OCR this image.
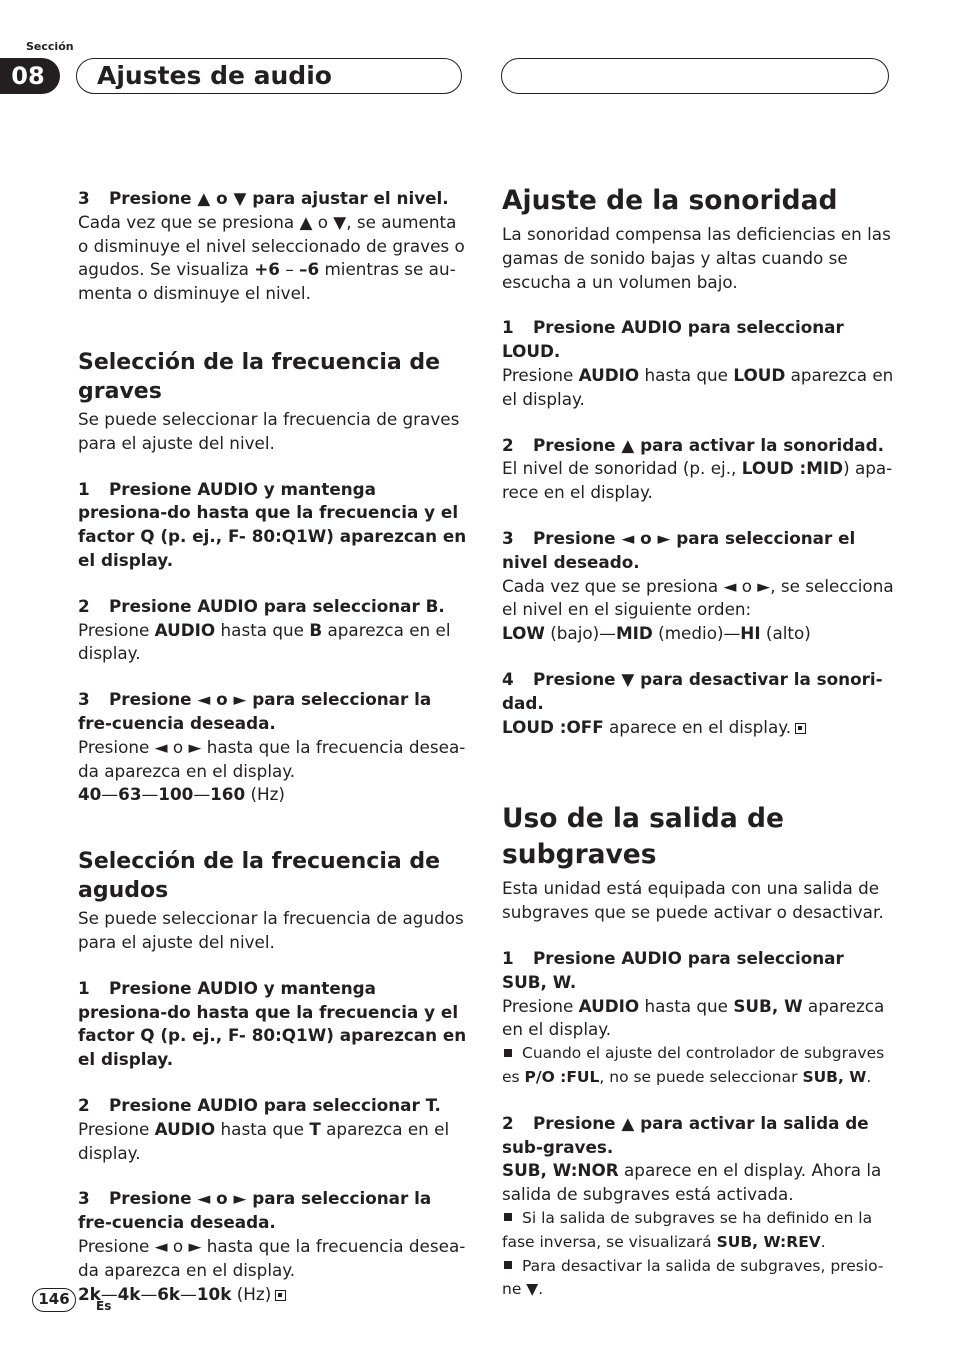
Sección
08	Ajustes de audio

3 Presione ▲ o ▼ para ajustar el nivel.

Cada vez que se presiona ▲ o ▼, se aumenta o disminuye el nivel seleccionado de graves o agudos. Se visualiza +6 – –6 mientras se au-menta o disminuye el nivel.

Selección de la frecuencia de graves

Se puede seleccionar la frecuencia de graves para el ajuste del nivel.

1 Presione AUDIO y mantenga presiona-do hasta que la frecuencia y el factor Q (p. ej., F- 80:Q1W) aparezcan en el display.

2 Presione AUDIO para seleccionar B.

Presione AUDIO hasta que B aparezca en el display.

3 Presione ◄ o ► para seleccionar la fre-cuencia deseada.

Presione ◄ o ► hasta que la frecuencia desea-da aparezca en el display.

40—63—100—160 (Hz)

Selección de la frecuencia de agudos

Se puede seleccionar la frecuencia de agudos para el ajuste del nivel.

1 Presione AUDIO y mantenga presiona-do hasta que la frecuencia y el factor Q (p. ej., F- 80:Q1W) aparezcan en el display.

2 Presione AUDIO para seleccionar T.

Presione AUDIO hasta que T aparezca en el display.

3 Presione ◄ o ► para seleccionar la fre-cuencia deseada.

Presione ◄ o ► hasta que la frecuencia desea-da aparezca en el display.

2k—4k—6k—10k (Hz)

Ajuste de la sonoridad

La sonoridad compensa las deficiencias en las gamas de sonido bajas y altas cuando se escucha a un volumen bajo.

1 Presione AUDIO para seleccionar LOUD.

Presione AUDIO hasta que LOUD aparezca en el display.

2 Presione ▲ para activar la sonoridad.

El nivel de sonoridad (p. ej., LOUD :MID) apa-rece en el display.

3 Presione ◄ o ► para seleccionar el nivel deseado.

Cada vez que se presiona ◄ o ►, se selecciona el nivel en el siguiente orden:

LOW (bajo)—MID (medio)—HI (alto)

4 Presione ▼ para desactivar la sonori-dad.

LOUD :OFF aparece en el display.

Uso de la salida de subgraves

Esta unidad está equipada con una salida de subgraves que se puede activar o desactivar.

1 Presione AUDIO para seleccionar SUB, W.

Presione AUDIO hasta que SUB, W aparezca en el display.

Cuando el ajuste del controlador de subgraves es P/O :FUL, no se puede seleccionar SUB, W.

2 Presione ▲ para activar la salida de sub-graves.

SUB, W:NOR aparece en el display. Ahora la salida de subgraves está activada.

Si la salida de subgraves se ha definido en la fase inversa, se visualizará SUB, W:REV.

Para desactivar la salida de subgraves, presio-ne ▼.

146	Es
